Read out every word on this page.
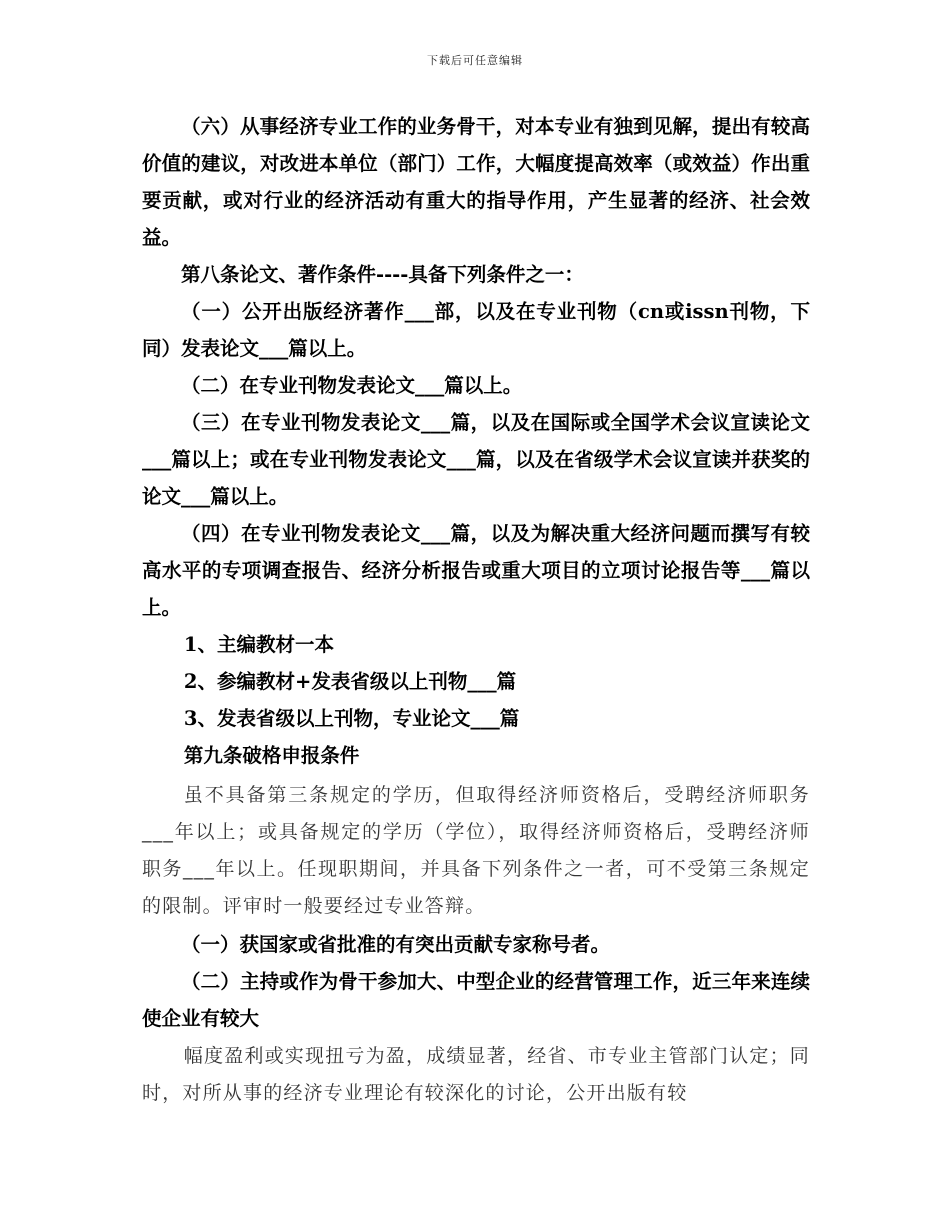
下载后可任意编辑

（六）从事经济专业工作的业务骨干，对本专业有独到见解，提出有较高价值的建议，对改进本单位（部门）工作，大幅度提高效率（或效益）作出重要贡献，或对行业的经济活动有重大的指导作用，产生显著的经济、社会效益。

第八条论文、著作条件----具备下列条件之一：

（一）公开出版经济著作___部，以及在专业刊物（cn或issn刊物，下同）发表论文___篇以上。

（二）在专业刊物发表论文___篇以上。

（三）在专业刊物发表论文___篇，以及在国际或全国学术会议宣读论文___篇以上；或在专业刊物发表论文___篇，以及在省级学术会议宣读并获奖的论文___篇以上。

（四）在专业刊物发表论文___篇，以及为解决重大经济问题而撰写有较高水平的专项调查报告、经济分析报告或重大项目的立项讨论报告等___篇以上。

1、主编教材一本

2、参编教材+发表省级以上刊物___篇

3、发表省级以上刊物，专业论文___篇

第九条破格申报条件

虽不具备第三条规定的学历，但取得经济师资格后，受聘经济师职务___年以上；或具备规定的学历（学位），取得经济师资格后，受聘经济师职务___年以上。任现职期间，并具备下列条件之一者，可不受第三条规定的限制。评审时一般要经过专业答辩。

（一）获国家或省批准的有突出贡献专家称号者。

（二）主持或作为骨干参加大、中型企业的经营管理工作，近三年来连续使企业有较大

幅度盈利或实现扭亏为盈，成绩显著，经省、市专业主管部门认定；同时，对所从事的经济专业理论有较深化的讨论，公开出版有较
